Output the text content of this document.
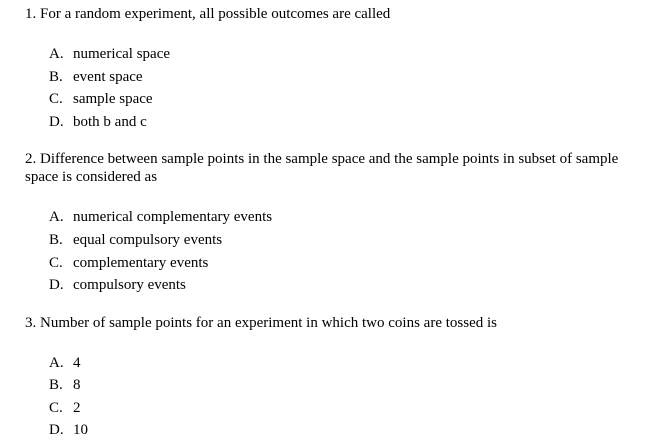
1. For a random experiment, all possible outcomes are called

A. numerical space
B. event space
C. sample space
D. both b and c

2. Difference between sample points in the sample space and the sample points in subset of sample space is considered as

A. numerical complementary events
B. equal compulsory events
C. complementary events
D. compulsory events

3. Number of sample points for an experiment in which two coins are tossed is

A. 4
B. 8
C. 2
D. 10
